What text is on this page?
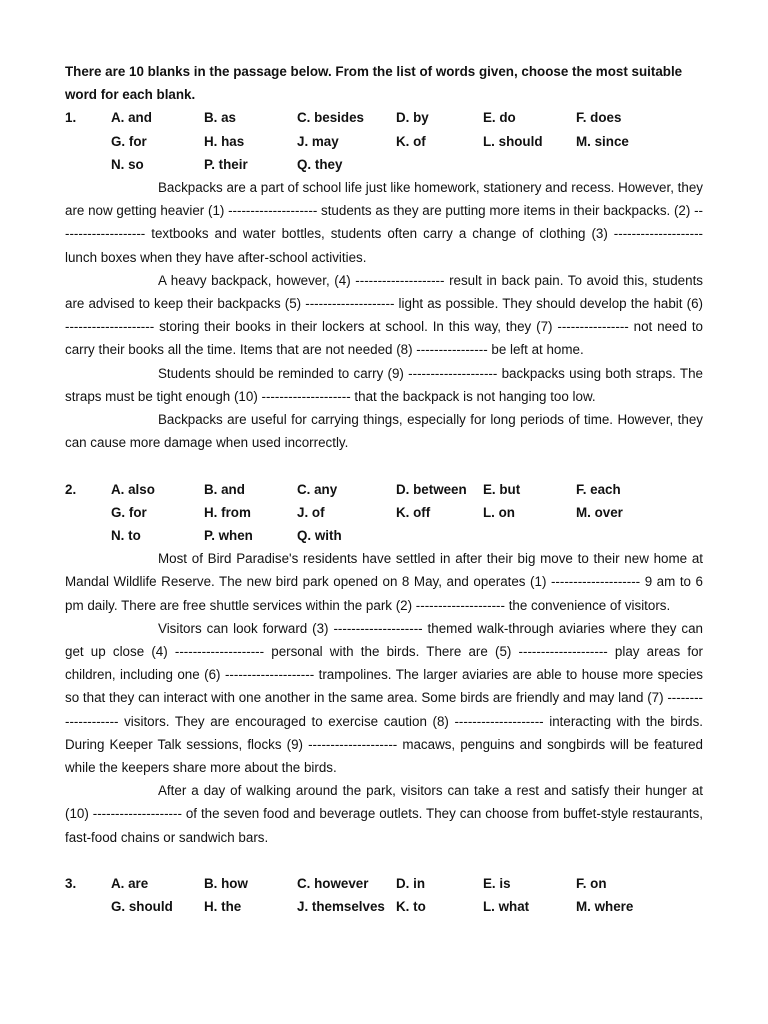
There are 10 blanks in the passage below. From the list of words given, choose the most suitable word for each blank.

1.	A. and	B. as	C. besides	D. by	E. do	F. does
G. for	H. has	J. may	K. of	L. should	M. since
N. so	P. their	Q. they

Backpacks are a part of school life just like homework, stationery and recess. However, they are now getting heavier (1) -------------------- students as they are putting more items in their backpacks. (2) -------------------- textbooks and water bottles, students often carry a change of clothing (3) -------------------- lunch boxes when they have after-school activities.

A heavy backpack, however, (4) -------------------- result in back pain. To avoid this, students are advised to keep their backpacks (5) -------------------- light as possible. They should develop the habit (6) -------------------- storing their books in their lockers at school. In this way, they (7) ---------------- not need to carry their books all the time. Items that are not needed (8) ---------------- be left at home.

Students should be reminded to carry (9) -------------------- backpacks using both straps. The straps must be tight enough (10) -------------------- that the backpack is not hanging too low.

Backpacks are useful for carrying things, especially for long periods of time. However, they can cause more damage when used incorrectly.

2.	A. also	B. and	C. any	D. between	E. but	F. each
G. for	H. from	J. of	K. off	L. on	M. over
N. to	P. when	Q. with

Most of Bird Paradise's residents have settled in after their big move to their new home at Mandal Wildlife Reserve. The new bird park opened on 8 May, and operates (1) -------------------- 9 am to 6 pm daily. There are free shuttle services within the park (2) -------------------- the convenience of visitors.

Visitors can look forward (3) -------------------- themed walk-through aviaries where they can get up close (4) -------------------- personal with the birds. There are (5) -------------------- play areas for children, including one (6) -------------------- trampolines. The larger aviaries are able to house more species so that they can interact with one another in the same area. Some birds are friendly and may land (7) -------------------- visitors. They are encouraged to exercise caution (8) -------------------- interacting with the birds. During Keeper Talk sessions, flocks (9) -------------------- macaws, penguins and songbirds will be featured while the keepers share more about the birds.

After a day of walking around the park, visitors can take a rest and satisfy their hunger at (10) -------------------- of the seven food and beverage outlets. They can choose from buffet-style restaurants, fast-food chains or sandwich bars.

3.	A. are	B. how	C. however	D. in	E. is	F. on
G. should	H. the	J. themselves K. to	L. what	M. where
